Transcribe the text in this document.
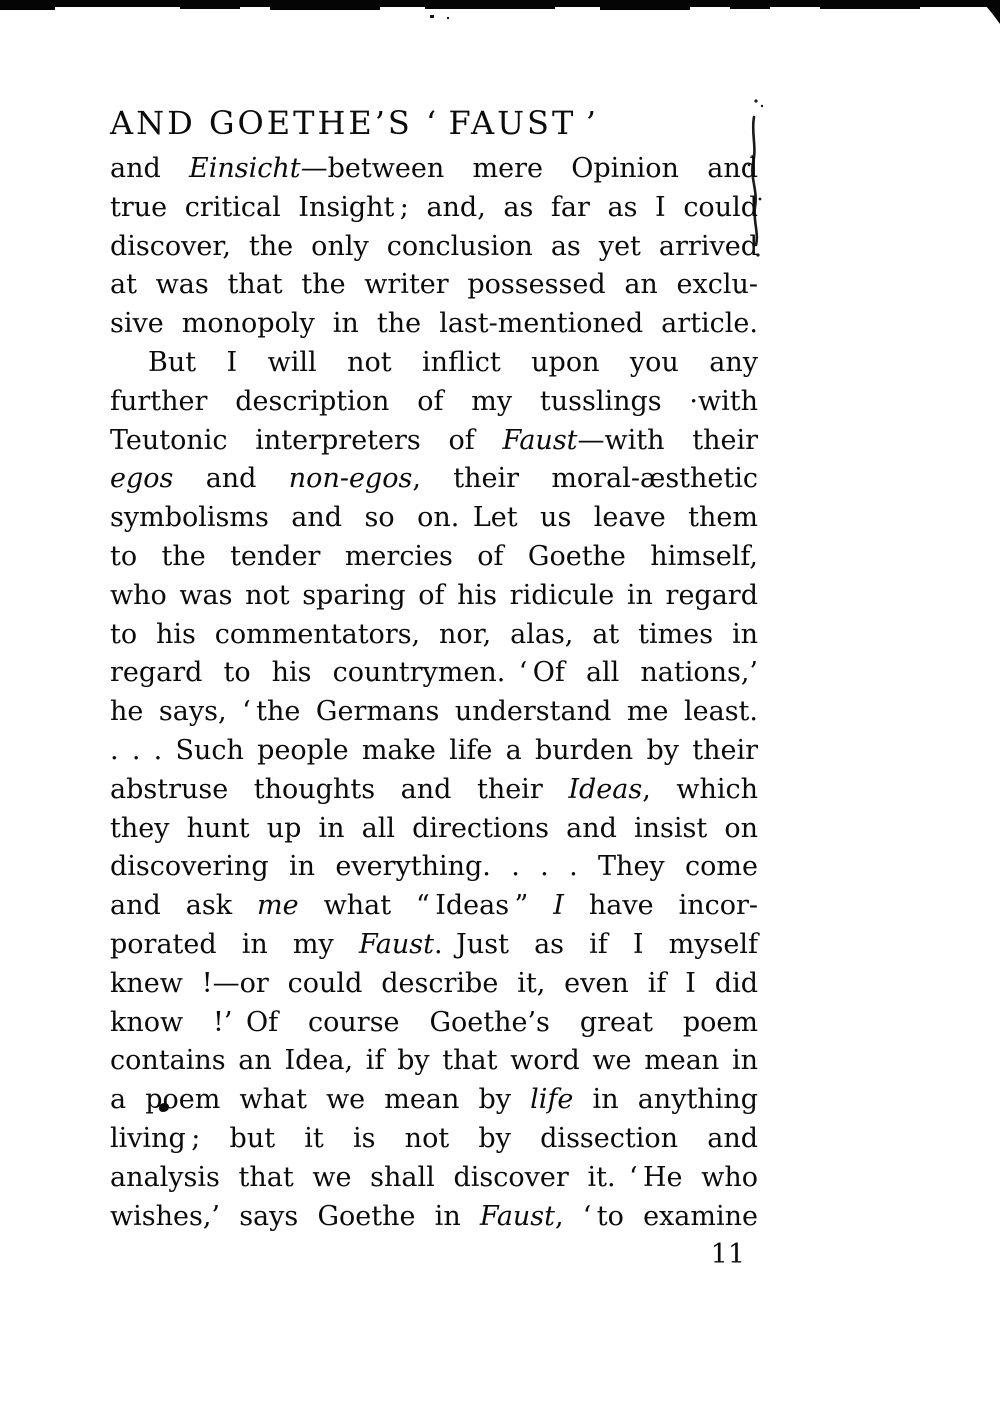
AND GOETHE’S ‘ FAUST ’
and Einsicht—between mere Opinion and
true critical Insight ; and, as far as I could
discover, the only conclusion as yet arrived
at was that the writer possessed an exclu-
sive monopoly in the last-mentioned article.
But I will not inflict upon you any
further description of my tusslings ·with
Teutonic interpreters of Faust—with their
egos and non-egos, their moral-æsthetic
symbolisms and so on. Let us leave them
to the tender mercies of Goethe himself,
who was not sparing of his ridicule in regard
to his commentators, nor, alas, at times in
regard to his countrymen. ‘ Of all nations,’
he says, ‘ the Germans understand me least.
. . . Such people make life a burden by their
abstruse thoughts and their Ideas, which
they hunt up in all directions and insist on
discovering in everything. . . . They come
and ask me what “ Ideas ” I have incor-
porated in my Faust. Just as if I myself
knew !—or could describe it, even if I did
know !’ Of course Goethe’s great poem
contains an Idea, if by that word we mean in
a poem what we mean by life in anything
living ; but it is not by dissection and
analysis that we shall discover it. ‘ He who
wishes,’ says Goethe in Faust, ‘ to examine
11
